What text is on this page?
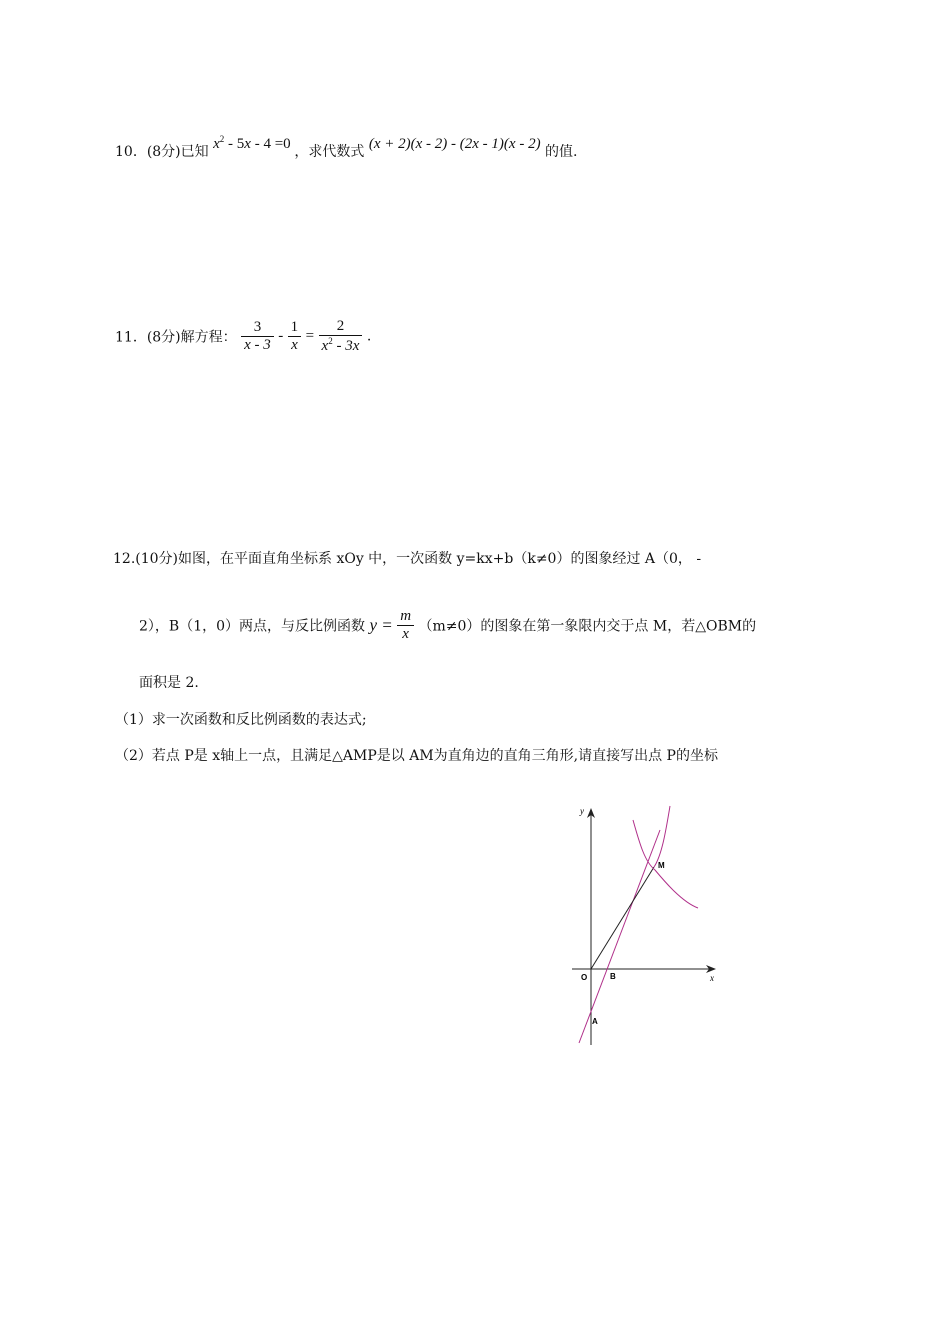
10．(8分)已知 $x^2 - 5x - 4 =0$ ，求代数式 (x + 2)(x - 2) - (2x - 1)(x - 2) 的值.
11．(8分)解方程： $\frac{3}{x - 3} - \frac{1}{x} = \frac{2}{x^2 - 3x}$ .
12.(10分)如图，在平面直角坐标系 xOy 中，一次函数 y=kx+b（k≠0）的图象经过 A（0， -
2），B（1，0）两点，与反比例函数 $y = \frac{m}{x} (m\ne 0)$的图象在第一象限内交于点 M，若△OBM的
面积是 2.
（1）求一次函数和反比例函数的表达式;
（2）若点 P是 x轴上一点，且满足△AMP是以 AM为直角边的直角三角形,请直接写出点 P的坐标
y
x
O	B
A
M
